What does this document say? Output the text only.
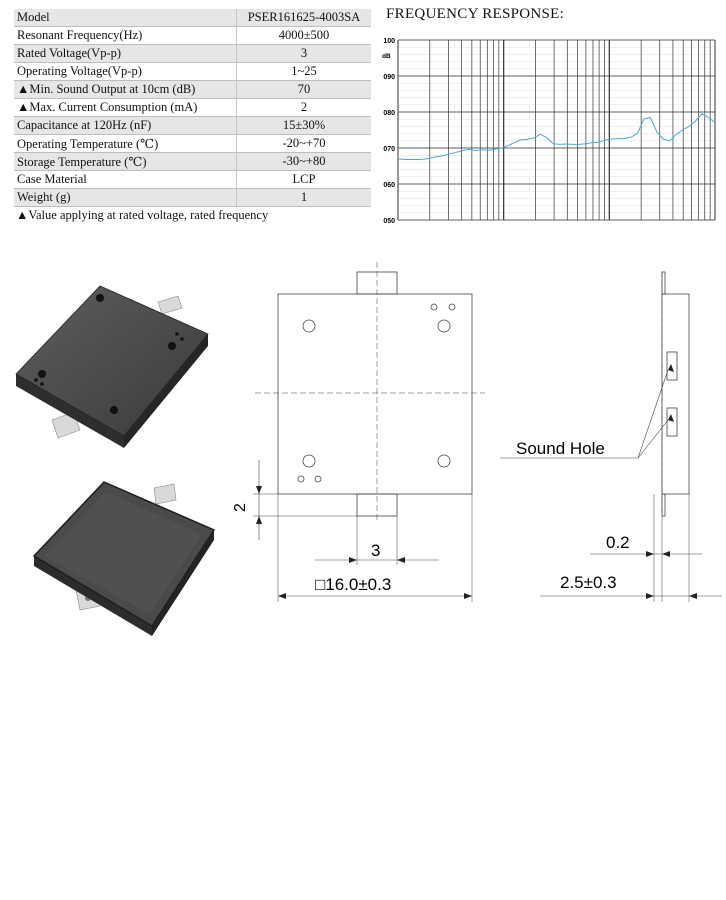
Model	PSER161625-4003SA
Resonant Frequency(Hz)	4000±500
Rated Voltage(Vp-p)	3
Operating Voltage(Vp-p)	1~25
▲Min. Sound Output at 10cm (dB)	70
▲Max. Current Consumption (mA)	2
Capacitance at 120Hz (nF)	15±30%
Operating Temperature (℃)	-20~+70
Storage Temperature (℃)	-30~+80
Case Material	LCP
Weight (g)	1
▲Value applying at rated voltage, rated frequency
FREQUENCY RESPONSE:
100
090
080
070
060
050
dB
2
3
□16.0±0.3
Sound Hole
0.2
2.5±0.3
